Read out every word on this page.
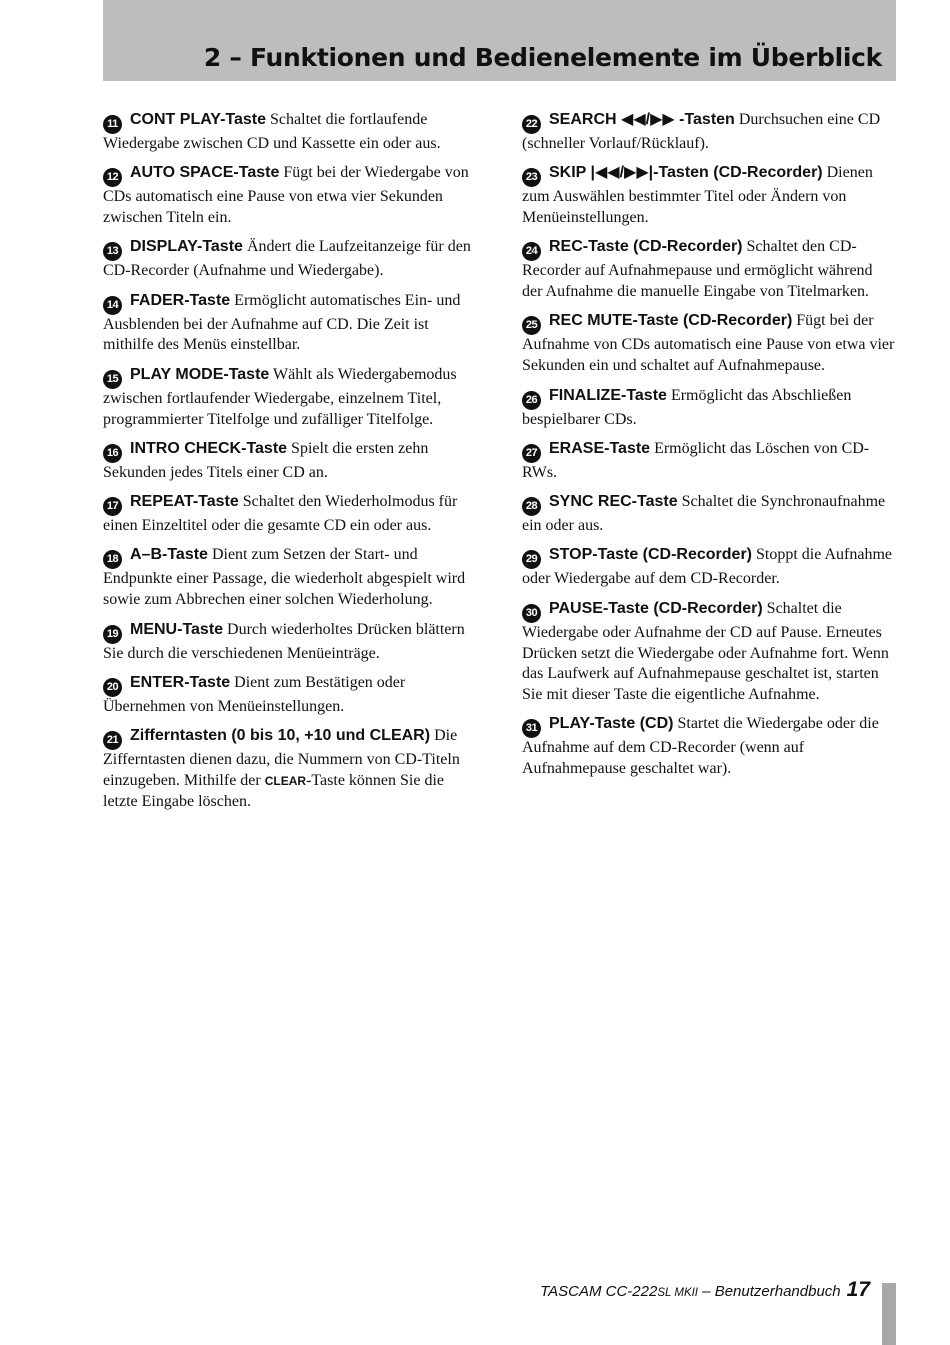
2 – Funktionen und Bedienelemente im Überblick

11 CONT PLAY-Taste Schaltet die fortlaufende Wiedergabe zwischen CD und Kassette ein oder aus.

12 AUTO SPACE-Taste Fügt bei der Wiedergabe von CDs automatisch eine Pause von etwa vier Sekunden zwischen Titeln ein.

13 DISPLAY-Taste Ändert die Laufzeitanzeige für den CD-Recorder (Aufnahme und Wiedergabe).

14 FADER-Taste Ermöglicht automatisches Ein- und Ausblenden bei der Aufnahme auf CD. Die Zeit ist mithilfe des Menüs einstellbar.

15 PLAY MODE-Taste Wählt als Wiedergabemodus zwischen fortlaufender Wiedergabe, einzelnem Titel, programmierter Titelfolge und zufälliger Titelfolge.

16 INTRO CHECK-Taste Spielt die ersten zehn Sekunden jedes Titels einer CD an.

17 REPEAT-Taste Schaltet den Wiederholmodus für einen Einzeltitel oder die gesamte CD ein oder aus.

18 A–B-Taste Dient zum Setzen der Start- und Endpunkte einer Passage, die wiederholt abgespielt wird sowie zum Abbrechen einer solchen Wiederholung.

19 MENU-Taste Durch wiederholtes Drücken blättern Sie durch die verschiedenen Menüeinträge.

20 ENTER-Taste Dient zum Bestätigen oder Übernehmen von Menüeinstellungen.

21 Zifferntasten (0 bis 10, +10 und CLEAR) Die Zifferntasten dienen dazu, die Nummern von CD-Titeln einzugeben. Mithilfe der CLEAR-Taste können Sie die letzte Eingabe löschen.

22 SEARCH ◀◀/▶▶ -Tasten Durchsuchen eine CD (schneller Vorlauf/Rücklauf).

23 SKIP |◀◀/▶▶|-Tasten (CD-Recorder) Dienen zum Auswählen bestimmter Titel oder Ändern von Menüeinstellungen.

24 REC-Taste (CD-Recorder) Schaltet den CD-Recorder auf Aufnahmepause und ermöglicht während der Aufnahme die manuelle Eingabe von Titelmarken.

25 REC MUTE-Taste (CD-Recorder) Fügt bei der Aufnahme von CDs automatisch eine Pause von etwa vier Sekunden ein und schaltet auf Aufnahmepause.

26 FINALIZE-Taste Ermöglicht das Abschließen bespielbarer CDs.

27 ERASE-Taste Ermöglicht das Löschen von CD-RWs.

28 SYNC REC-Taste Schaltet die Synchronaufnahme ein oder aus.

29 STOP-Taste (CD-Recorder) Stoppt die Aufnahme oder Wiedergabe auf dem CD-Recorder.

30 PAUSE-Taste (CD-Recorder) Schaltet die Wiedergabe oder Aufnahme der CD auf Pause. Erneutes Drücken setzt die Wiedergabe oder Aufnahme fort. Wenn das Laufwerk auf Aufnahmepause geschaltet ist, starten Sie mit dieser Taste die eigentliche Aufnahme.

31 PLAY-Taste (CD) Startet die Wiedergabe oder die Aufnahme auf dem CD-Recorder (wenn auf Aufnahmepause geschaltet war).

TASCAM CC-222SL MKII – Benutzerhandbuch 17
